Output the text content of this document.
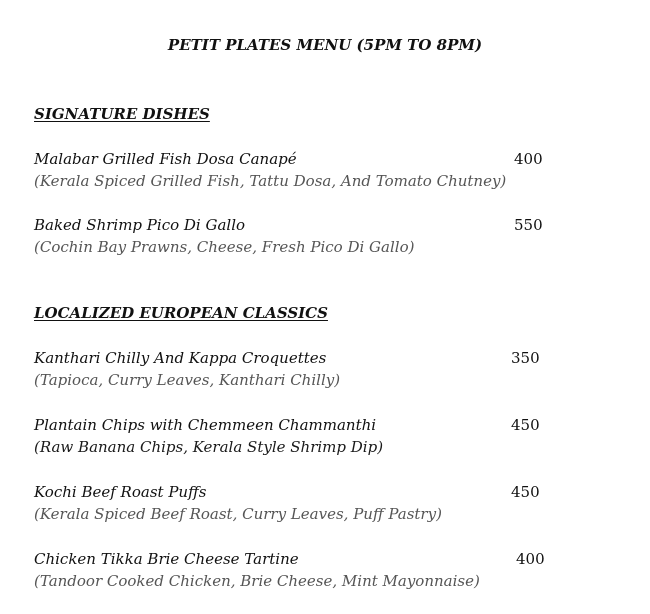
PETIT PLATES MENU (5PM TO 8PM)
SIGNATURE DISHES
Malabar Grilled Fish Dosa Canapé
(Kerala Spiced Grilled Fish, Tattu Dosa, And Tomato Chutney)
400
Baked Shrimp Pico Di Gallo
(Cochin Bay Prawns, Cheese, Fresh Pico Di Gallo)
550
LOCALIZED EUROPEAN CLASSICS
Kanthari Chilly And Kappa Croquettes
(Tapioca, Curry Leaves, Kanthari Chilly)
350
Plantain Chips with Chemmeen Chammanthi
(Raw Banana Chips, Kerala Style Shrimp Dip)
450
Kochi Beef Roast Puffs
(Kerala Spiced Beef Roast, Curry Leaves, Puff Pastry)
450
Chicken Tikka Brie Cheese Tartine
(Tandoor Cooked Chicken, Brie Cheese, Mint Mayonnaise)
400
